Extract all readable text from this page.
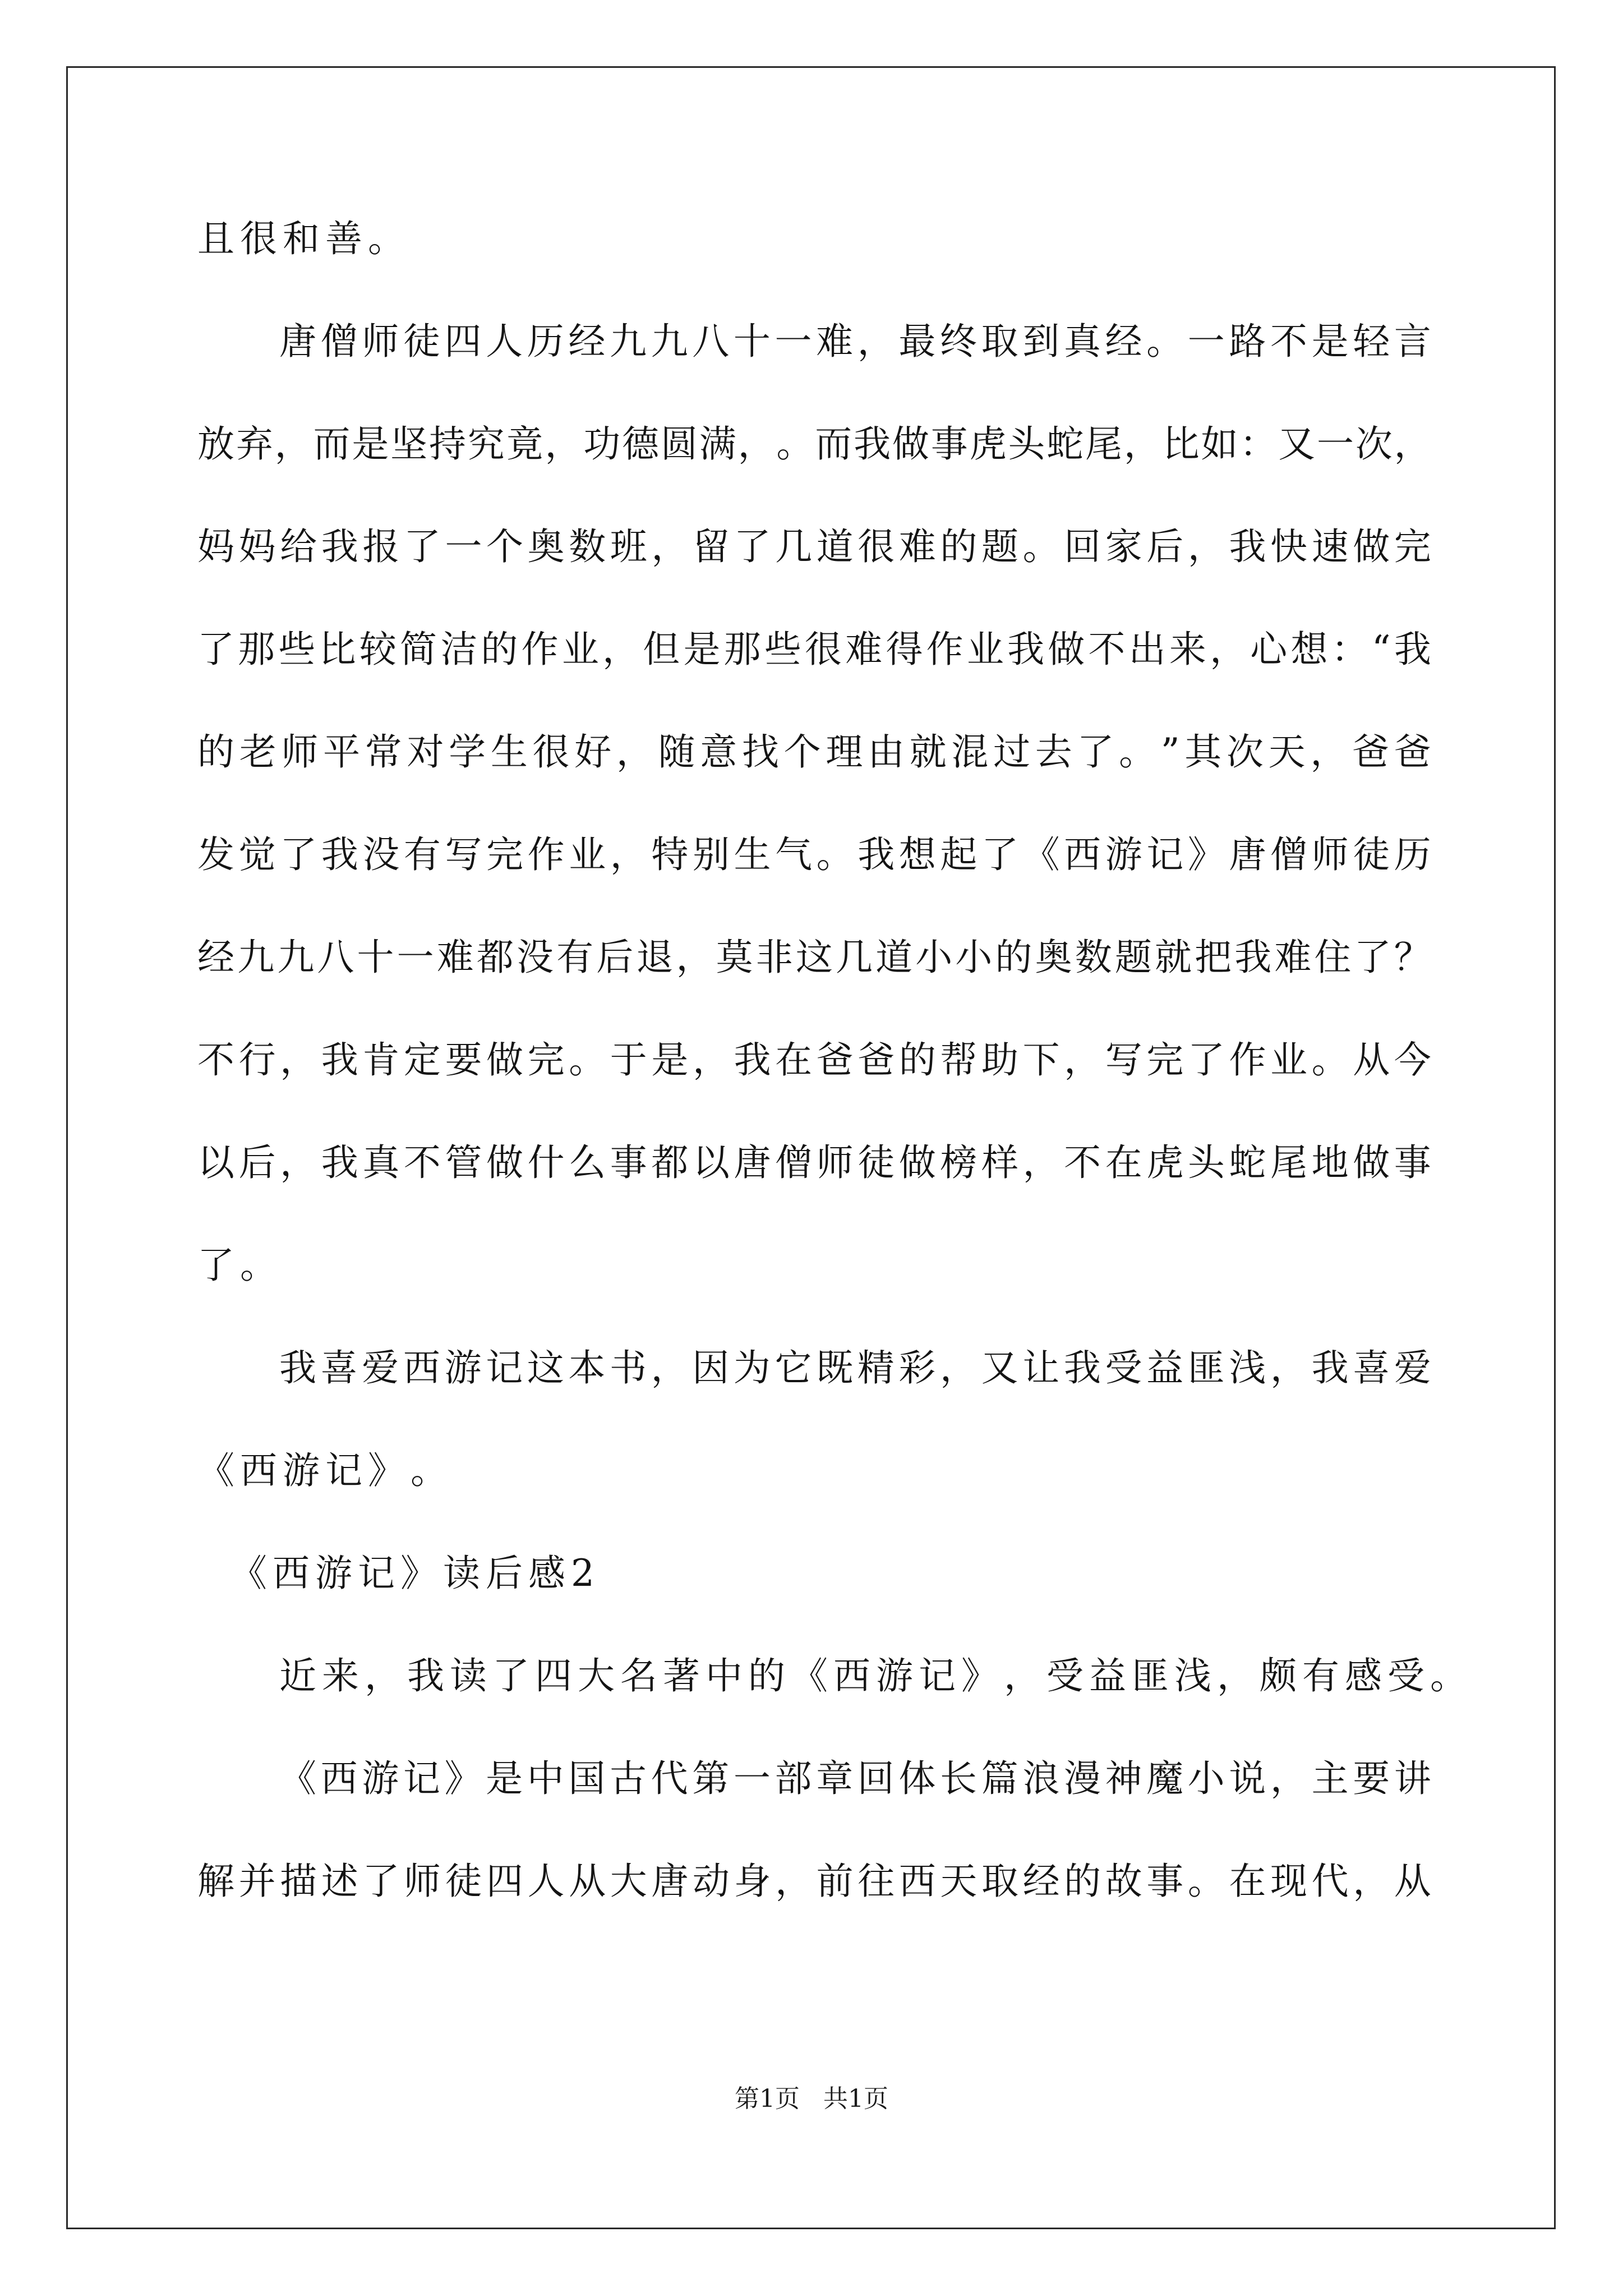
且 很 和 善 。
唐 僧 师 徒 四 人 历 经 九 九 八 十 一 难 ， 最 终 取 到 真 经 。 一 路 不 是 轻 言
放 弃 ， 而 是 坚 持 究 竟 ， 功 德 圆 满 ， 。 而 我 做 事 虎 头 蛇 尾 ， 比 如 ： 又 一 次 ，
妈 妈 给 我 报 了 一 个 奥 数 班 ， 留 了 几 道 很 难 的 题 。 回 家 后 ， 我 快 速 做 完
了 那 些 比 较 简 洁 的 作 业 ， 但 是 那 些 很 难 得 作 业 我 做 不 出 来 ， 心 想 ： “ 我
的 老 师 平 常 对 学 生 很 好 ， 随 意 找 个 理 由 就 混 过 去 了 。 ” 其 次 天 ， 爸 爸
发 觉 了 我 没 有 写 完 作 业 ， 特 别 生 气 。 我 想 起 了 《 西 游 记 》 唐 僧 师 徒 历
经 九 九 八 十 一 难 都 没 有 后 退 ， 莫 非 这 几 道 小 小 的 奥 数 题 就 把 我 难 住 了 ？
不 行 ， 我 肯 定 要 做 完 。 于 是 ， 我 在 爸 爸 的 帮 助 下 ， 写 完 了 作 业 。 从 今
以 后 ， 我 真 不 管 做 什 么 事 都 以 唐 僧 师 徒 做 榜 样 ， 不 在 虎 头 蛇 尾 地 做 事
了 。
我 喜 爱 西 游 记 这 本 书 ， 因 为 它 既 精 彩 ， 又 让 我 受 益 匪 浅 ， 我 喜 爱
《 西 游 记 》 。
《 西 游 记 》 读 后 感 2
近 来 ， 我 读 了 四 大 名 著 中 的 《 西 游 记 》 ， 受 益 匪 浅 ， 颇 有 感 受 。
《 西 游 记 》 是 中 国 古 代 第 一 部 章 回 体 长 篇 浪 漫 神 魔 小 说 ， 主 要 讲
解 并 描 述 了 师 徒 四 人 从 大 唐 动 身 ， 前 往 西 天 取 经 的 故 事 。 在 现 代 ， 从
第1页 共1页
